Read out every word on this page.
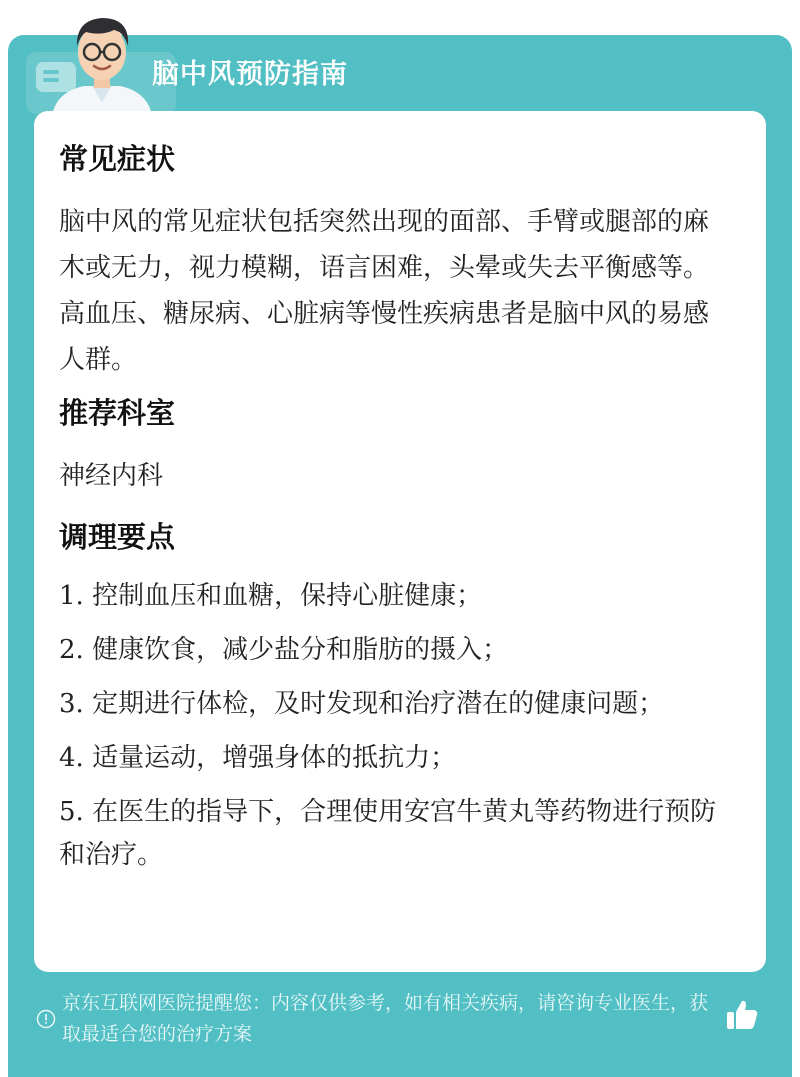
脑中风预防指南
常见症状

脑中风的常见症状包括突然出现的面部、手臂或腿部的麻木或无力，视力模糊，语言困难，头晕或失去平衡感等。高血压、糖尿病、心脏病等慢性疾病患者是脑中风的易感人群。

推荐科室

神经内科

调理要点
1. 控制血压和血糖，保持心脏健康；
2. 健康饮食，减少盐分和脂肪的摄入；
3. 定期进行体检，及时发现和治疗潜在的健康问题；
4. 适量运动，增强身体的抵抗力；
5. 在医生的指导下，合理使用安宫牛黄丸等药物进行预防和治疗。
京东互联网医院提醒您：内容仅供参考，如有相关疾病，请咨询专业医生，获取最适合您的治疗方案
